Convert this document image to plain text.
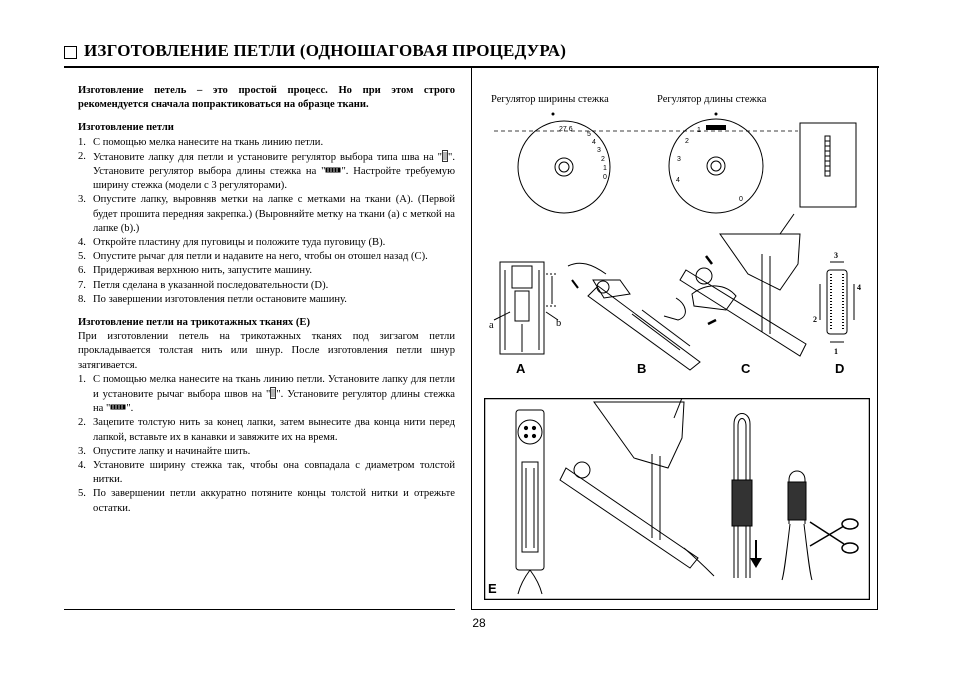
ИЗГОТОВЛЕНИЕ ПЕТЛИ (ОДНОШАГОВАЯ ПРОЦЕДУРА)

Изготовление петель – это простой процесс. Но при этом строго рекомендуется сначала попрактиковаться на образце ткани.

Изготовление петли

1. С помощью мелка нанесите на ткань линию петли.
2. Установите лапку для петли и установите регулятор выбора типа шва на " ". Установите регулятор выбора длины стежка на " ". Настройте требуемую ширину стежка (модели с 3 регуляторами).
3. Опустите лапку, выровняв метки на лапке с метками на ткани (A). (Первой будет прошита передняя закрепка.) (Выровняйте метку на ткани (a) с меткой на лапке (b).)
4. Откройте пластину для пуговицы и положите туда пуговицу (B).
5. Опустите рычаг для петли и надавите на него, чтобы он отошел назад (C).
6. Придерживая верхнюю нить, запустите машину.
7. Петля сделана в указанной последовательности (D).
8. По завершении изготовления петли остановите машину.

Изготовление петли на трикотажных тканях (E)

При изготовлении петель на трикотажных тканях под зигзагом петли прокладывается толстая нить или шнур. После изготовления петли шнур затягивается.

1. С помощью мелка нанесите на ткань линию петли. Установите лапку для петли и установите рычаг выбора швов на " ". Установите регулятор длины стежка на " ".
2. Зацепите толстую нить за конец лапки, затем вынесите два конца нити перед лапкой, вставьте их в канавки и завяжите их на время.
3. Опустите лапку и начинайте шить.
4. Установите ширину стежка так, чтобы она совпадала с диаметром толстой нитки.
5. По завершении петли аккуратно потяните концы толстой нитки и отрежьте остатки.
28
Регулятор ширины стежка	Регулятор длины стежка
27 6
5
4
3
2
1
0	4
3
2
1
0
a	b
3
4
2
1
A	B	C	D
E
